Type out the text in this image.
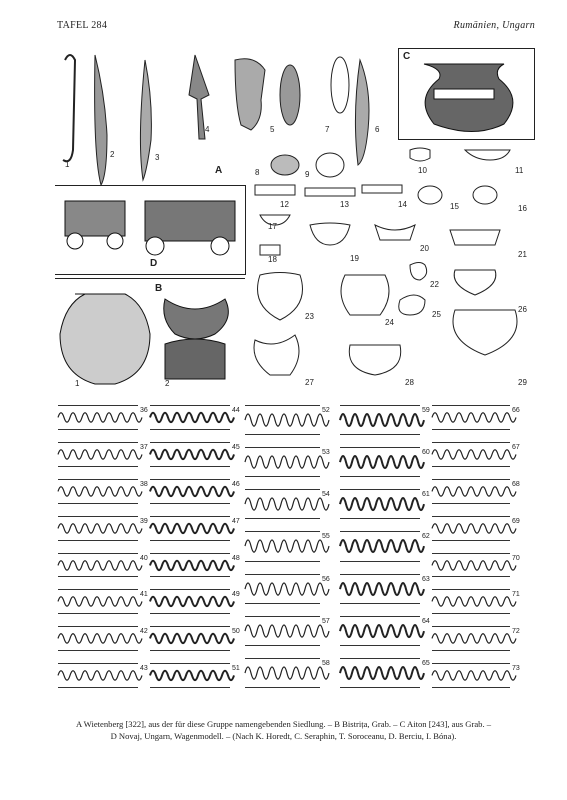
TAFEL 284	Rumänien, Ungarn
A
1
2	3
4	5	6
7
8	9
C
D
B
1	2
10	11
12	13	14	15	16
17
18	19
20
21
22
23
24
25
26
27	28	29
36
37
38
39
40
41
42
43
44
45
46
47
48
49
50
51
52
53
54
55
56
57
58
59
60
61
62
63
64
65
66
67
68
69
70
71
72
73
A Wietenberg [322], aus der für diese Gruppe namengebenden Siedlung. – B Bistrița, Grab. – C Aiton [243], aus Grab. –
D Novaj, Ungarn, Wagenmodell. – (Nach K. Horedt, C. Seraphin, T. Soroceanu, D. Berciu, I. Bóna).
